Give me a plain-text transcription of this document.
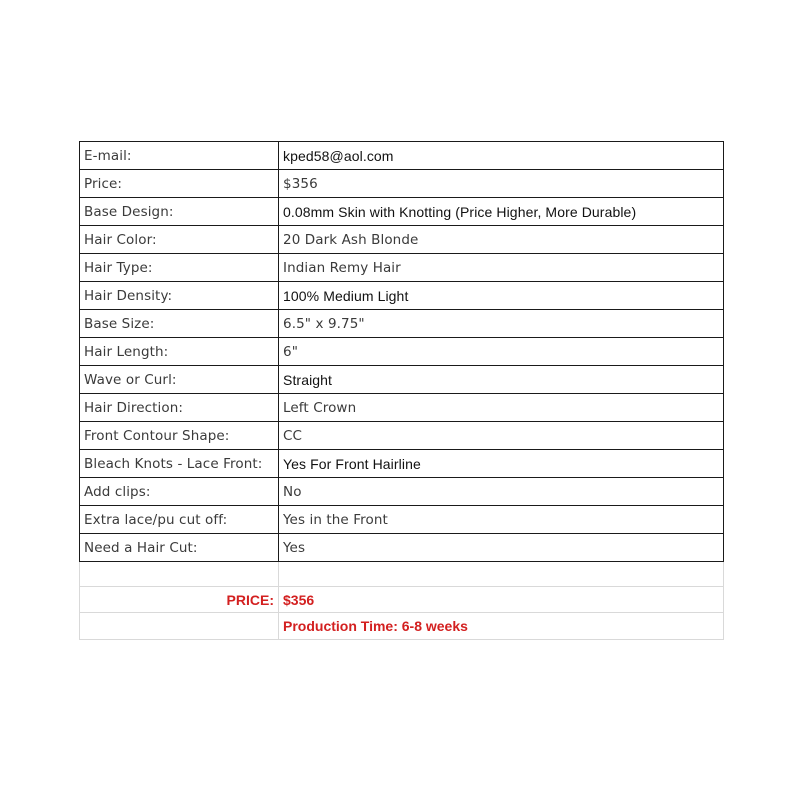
E-mail:	kped58@aol.com
Price:	$356
Base Design:	0.08mm Skin with Knotting (Price Higher, More Durable)
Hair Color:	20 Dark Ash Blonde
Hair Type:	Indian Remy Hair
Hair Density:	100% Medium Light
Base Size:	6.5" x 9.75"
Hair Length:	6"
Wave or Curl:	Straight
Hair Direction:	Left Crown
Front Contour Shape:	CC
Bleach Knots - Lace Front:	Yes For Front Hairline
Add clips:	No
Extra lace/pu cut off:	Yes in the Front
Need a Hair Cut:	Yes

PRICE:	$356
	Production Time: 6-8 weeks
